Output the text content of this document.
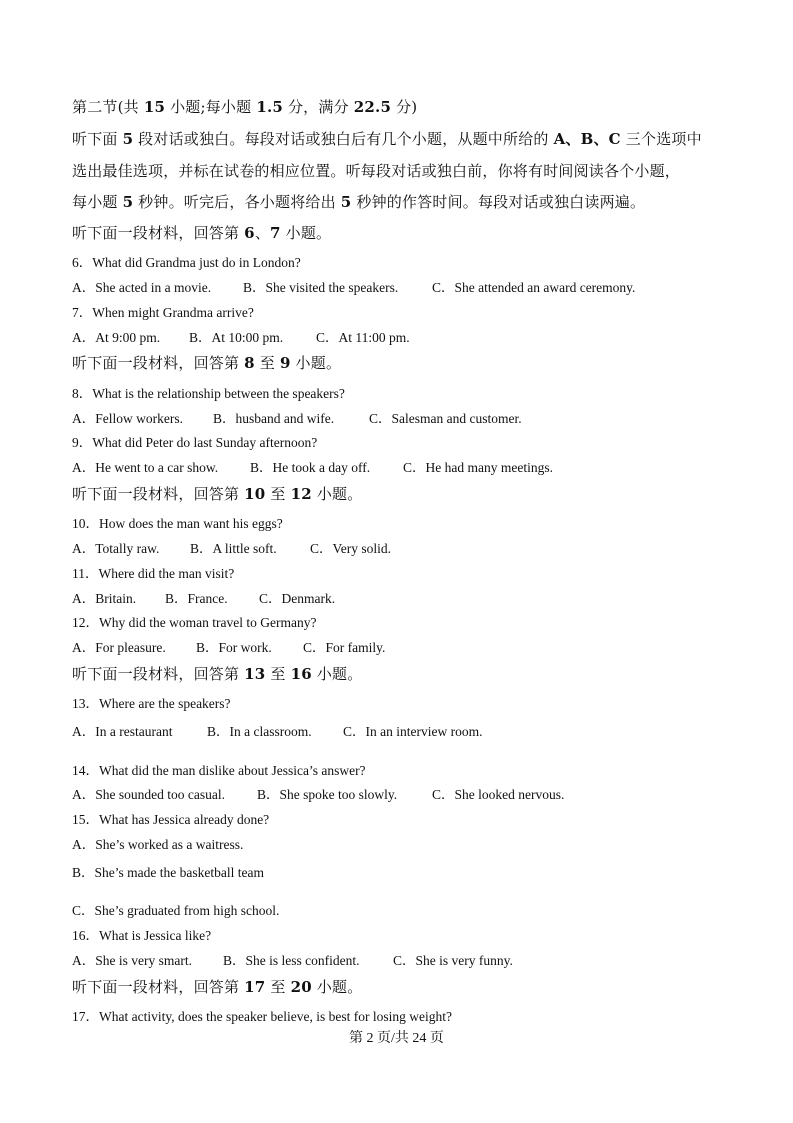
第二节(共 15 小题;每小题 1.5 分，满分 22.5 分)
听下面 5 段对话或独白。每段对话或独白后有几个小题，从题中所给的 A、B、C 三个选项中
选出最佳选项，并标在试卷的相应位置。听每段对话或独白前，你将有时间阅读各个小题，
每小题 5 秒钟。听完后，各小题将给出 5 秒钟的作答时间。每段对话或独白读两遍。
听下面一段材料，回答第 6、7 小题。
6．What did Grandma just do in London?
A．She acted in a movie. B．She visited the speakers.	C．She attended an award ceremony.
7．When might Grandma arrive?
A．At 9:00 pm. B．At 10:00 pm. C．At 11:00 pm.
听下面一段材料，回答第 8 至 9 小题。
8．What is the relationship between the speakers?
A．Fellow workers. B．husband and wife.	C．Salesman and customer.
9．What did Peter do last Sunday afternoon?
A．He went to a car show. B．He took a day off. C．He had many meetings.
听下面一段材料，回答第 10 至 12 小题。
10．How does the man want his eggs?
A．Totally raw. B．A little soft. C．Very solid.
11．Where did the man visit?
A．Britain. B．France. C．Denmark.
12．Why did the woman travel to Germany?
A．For pleasure. B．For work. C．For family.
听下面一段材料，回答第 13 至 16 小题。
13．Where are the speakers?
A．In a restaurant	B．In a classroom. C．In an interview room.
14．What did the man dislike about Jessica’s answer?
A．She sounded too casual. B．She spoke too slowly.	C．She looked nervous.
15．What has Jessica already done?
A．She’s worked as a waitress.
B．She’s made the basketball team
C．She’s graduated from high school.
16．What is Jessica like?
A．She is very smart. B．She is less confident. C．She is very funny.
听下面一段材料，回答第 17 至 20 小题。
17．What activity, does the speaker believe, is best for losing weight?
第 2 页/共 24 页
